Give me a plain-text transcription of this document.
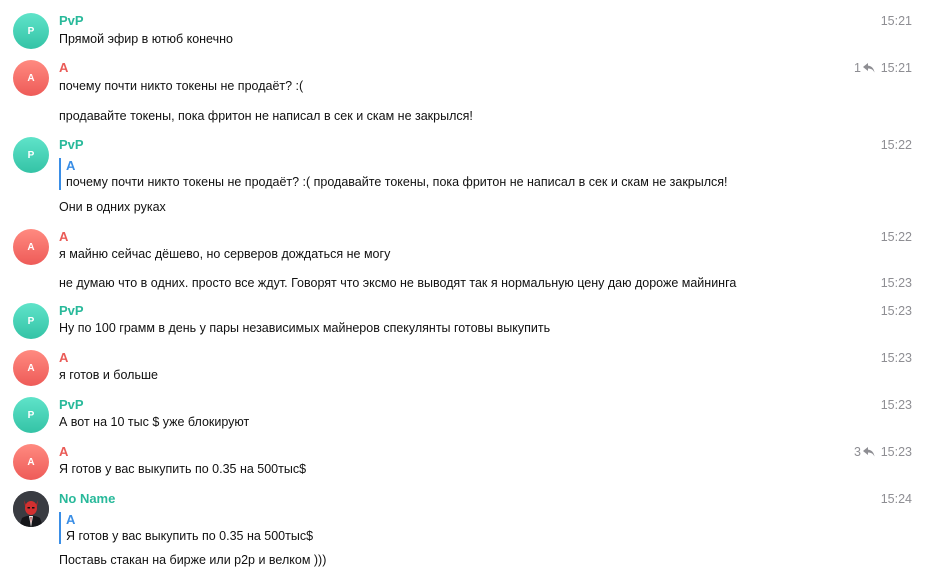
P
PvP
Прямой эфир в ютюб конечно
15:21
A
A
почему почти никто токены не продаёт? :(
1 15:21
продавайте токены, пока фритон не написал в сек и скам не закрылся!
P
PvP
A
почему почти никто токены не продаёт? :( продавайте токены, пока фритон не написал в сек и скам не закрылся!
Они в одних руках
15:22
A
A
я майню сейчас дёшево, но серверов дождаться не могу
15:22
не думаю что в одних. просто все ждут. Говорят что эксмо не выводят так я нормальную цену даю дороже майнинга	15:23
P
PvP
Ну по 100 грамм в день у пары независимых майнеров спекулянты готовы выкупить
15:23
A
A
я готов и больше
15:23
P
PvP
А вот на 10 тыс $ уже блокируют
15:23
A
A
Я готов у вас выкупить по 0.35 на 500тыс$
3 15:23
No Name
A
Я готов у вас выкупить по 0.35 на 500тыс$
Поставь стакан на бирже или p2p и велком )))
15:24
